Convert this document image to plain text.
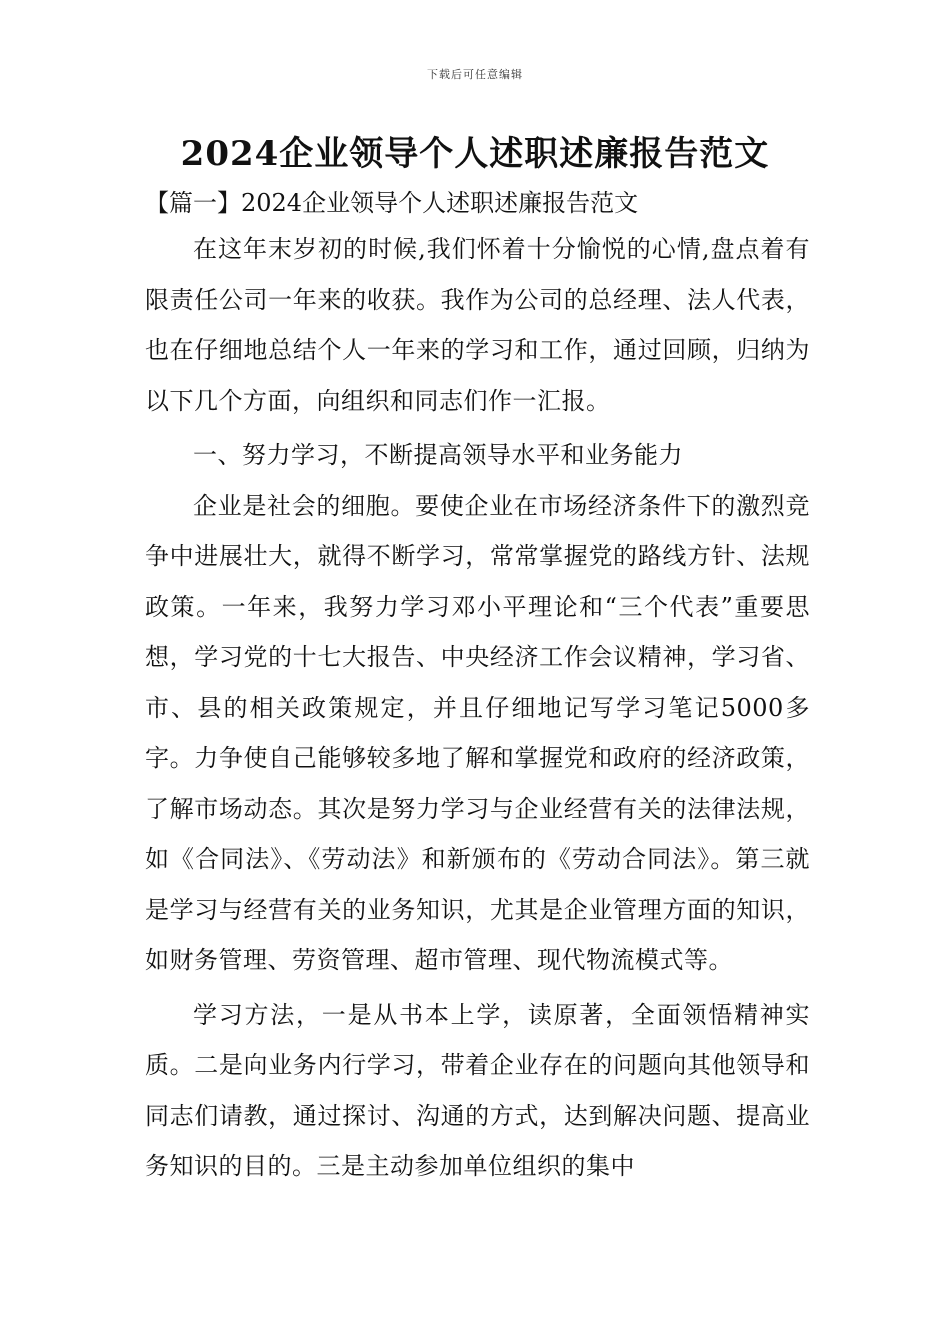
下载后可任意编辑
2024企业领导个人述职述廉报告范文
【篇一】2024企业领导个人述职述廉报告范文

在这年末岁初的时候,我们怀着十分愉悦的心情,盘点着有限责任公司一年来的收获。我作为公司的总经理、法人代表，也在仔细地总结个人一年来的学习和工作，通过回顾，归纳为以下几个方面，向组织和同志们作一汇报。

一、努力学习，不断提高领导水平和业务能力

企业是社会的细胞。要使企业在市场经济条件下的激烈竞争中进展壮大，就得不断学习，常常掌握党的路线方针、法规政策。一年来，我努力学习邓小平理论和“三个代表”重要思想，学习党的十七大报告、中央经济工作会议精神，学习省、市、县的相关政策规定，并且仔细地记写学习笔记5000多字。力争使自己能够较多地了解和掌握党和政府的经济政策，了解市场动态。其次是努力学习与企业经营有关的法律法规，如《合同法》、《劳动法》和新颁布的《劳动合同法》。第三就是学习与经营有关的业务知识，尤其是企业管理方面的知识，如财务管理、劳资管理、超市管理、现代物流模式等。

学习方法，一是从书本上学，读原著，全面领悟精神实质。二是向业务内行学习，带着企业存在的问题向其他领导和同志们请教，通过探讨、沟通的方式，达到解决问题、提高业务知识的目的。三是主动参加单位组织的集中
